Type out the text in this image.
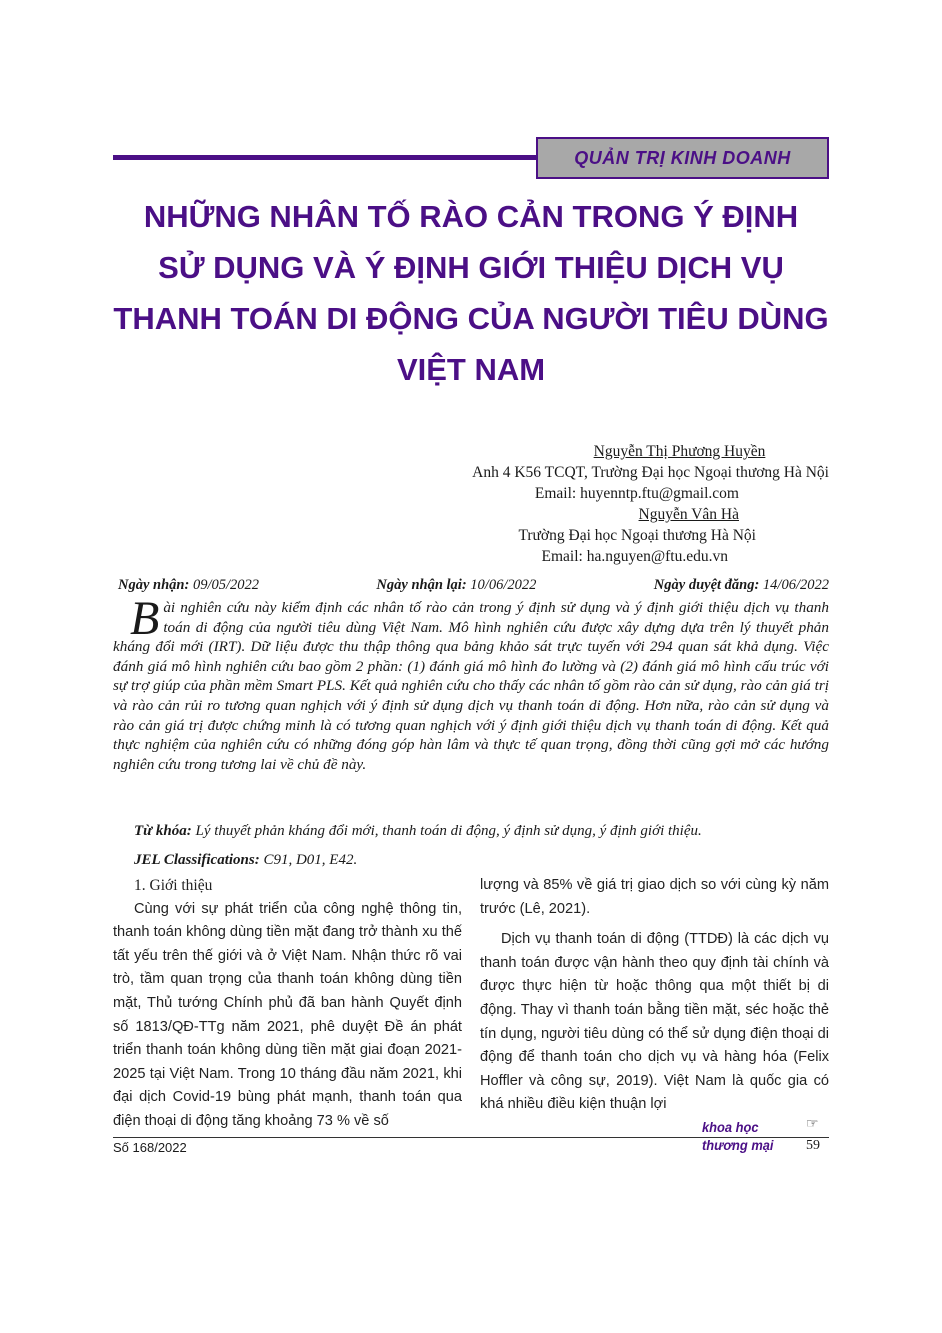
QUẢN TRỊ KINH DOANH
NHỮNG NHÂN TỐ RÀO CẢN TRONG Ý ĐỊNH
SỬ DỤNG VÀ Ý ĐỊNH GIỚI THIỆU DỊCH VỤ
THANH TOÁN DI ĐỘNG CỦA NGƯỜI TIÊU DÙNG
VIỆT NAM
Nguyễn Thị Phương Huyền
Anh 4 K56 TCQT, Trường Đại học Ngoại thương Hà Nội
Email: huyenntp.ftu@gmail.com
Nguyễn Vân Hà
Trường Đại học Ngoại thương Hà Nội
Email: ha.nguyen@ftu.edu.vn
Ngày nhận: 09/05/2022	Ngày nhận lại: 10/06/2022	Ngày duyệt đăng: 14/06/2022

Bài nghiên cứu này kiểm định các nhân tố rào cản trong ý định sử dụng và ý định giới thiệu dịch vụ thanh toán di động của người tiêu dùng Việt Nam. Mô hình nghiên cứu được xây dựng dựa trên lý thuyết phản kháng đổi mới (IRT). Dữ liệu được thu thập thông qua bảng khảo sát trực tuyến với 294 quan sát khả dụng. Việc đánh giá mô hình nghiên cứu bao gồm 2 phần: (1) đánh giá mô hình đo lường và (2) đánh giá mô hình cấu trúc với sự trợ giúp của phần mềm Smart PLS. Kết quả nghiên cứu cho thấy các nhân tố gồm rào cản sử dụng, rào cản giá trị và rào cản rủi ro tương quan nghịch với ý định sử dụng dịch vụ thanh toán di động. Hơn nữa, rào cản sử dụng và rào cản giá trị được chứng minh là có tương quan nghịch với ý định giới thiệu dịch vụ thanh toán di động. Kết quả thực nghiệm của nghiên cứu có những đóng góp hàn lâm và thực tế quan trọng, đồng thời cũng gợi mở các hướng nghiên cứu trong tương lai về chủ đề này.

Từ khóa: Lý thuyết phản kháng đổi mới, thanh toán di động, ý định sử dụng, ý định giới thiệu.
JEL Classifications: C91, D01, E42.

1. Giới thiệu

Cùng với sự phát triển của công nghệ thông tin, thanh toán không dùng tiền mặt đang trở thành xu thế tất yếu trên thế giới và ở Việt Nam. Nhận thức rõ vai trò, tầm quan trọng của thanh toán không dùng tiền mặt, Thủ tướng Chính phủ đã ban hành Quyết định số 1813/QĐ-TTg năm 2021, phê duyệt Đề án phát triển thanh toán không dùng tiền mặt giai đoạn 2021-2025 tại Việt Nam. Trong 10 tháng đầu năm 2021, khi đại dịch Covid-19 bùng phát mạnh, thanh toán qua điện thoại di động tăng khoảng 73 % về số

lượng và 85% về giá trị giao dịch so với cùng kỳ năm trước (Lê, 2021).

Dịch vụ thanh toán di động (TTDĐ) là các dịch vụ thanh toán được vận hành theo quy định tài chính và được thực hiện từ hoặc thông qua một thiết bị di động. Thay vì thanh toán bằng tiền mặt, séc hoặc thẻ tín dụng, người tiêu dùng có thể sử dụng điện thoại di động để thanh toán cho dịch vụ và hàng hóa (Felix Hoffler và công sự, 2019). Việt Nam là quốc gia có khá nhiều điều kiện thuận lợi

Số 168/2022
khoa học
thương mại
☞
59
